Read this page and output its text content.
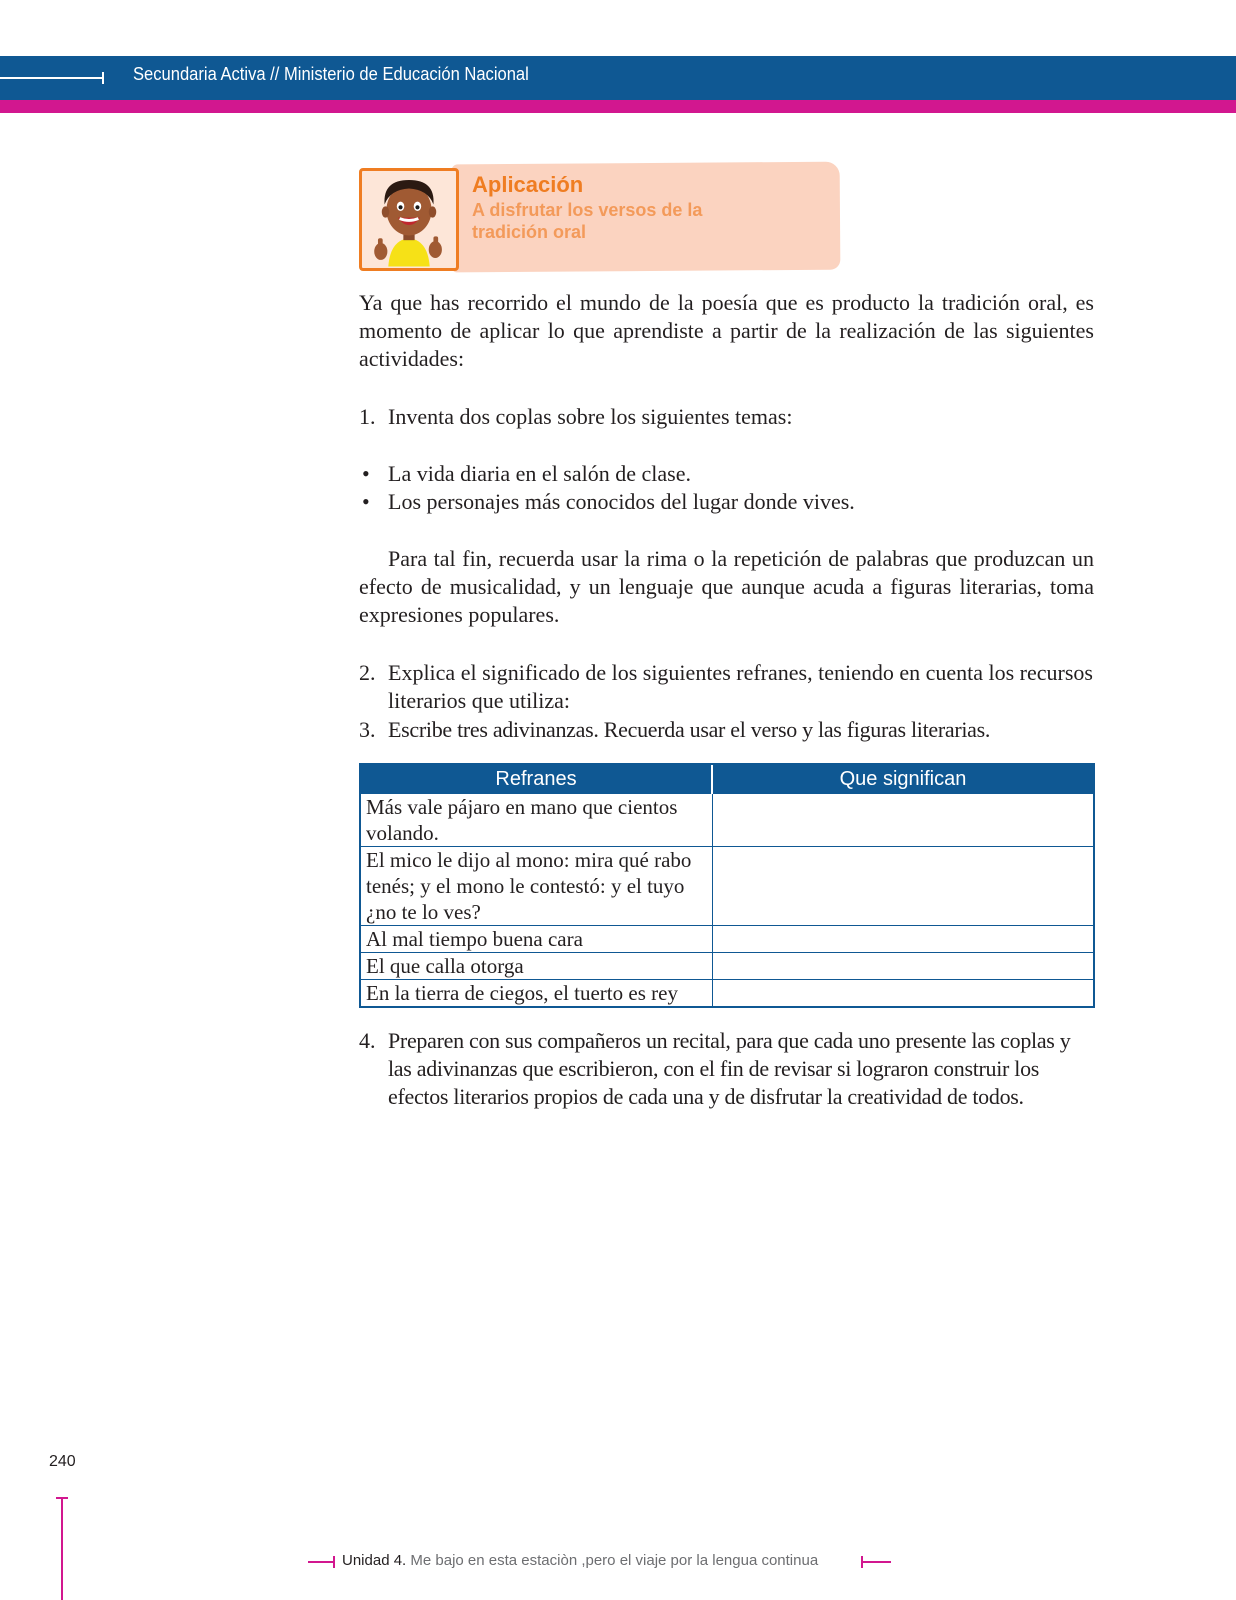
Secundaria Activa // Ministerio de Educación Nacional
Aplicación
A disfrutar los versos de la tradición oral

Ya que has recorrido el mundo de la poesía que es producto la tradición oral, es momento de aplicar lo que aprendiste a partir de la realización de las siguientes actividades:

1. Inventa dos coplas sobre los siguientes temas:

• La vida diaria en el salón de clase.

• Los personajes más conocidos del lugar donde vives.

Para tal fin, recuerda usar la rima o la repetición de palabras que produzcan un efecto de musicalidad, y un lenguaje que aunque acuda a figuras literarias, toma expresiones populares.

2. Explica el significado de los siguientes refranes, teniendo en cuenta los recursos literarios que utiliza:

3. Escribe tres adivinanzas. Recuerda usar el verso y las figuras literarias.

Refranes	Que significan
Más vale pájaro en mano que cientos volando.
El mico le dijo al mono: mira qué rabo tenés; y el mono le contestó: y el tuyo ¿no te lo ves?
Al mal tiempo buena cara
El que calla otorga
En la tierra de ciegos, el tuerto es rey
4. Preparen con sus compañeros un recital, para que cada uno presente las coplas y las adivinanzas que escribieron, con el fin de revisar si lograron construir los efectos literarios propios de cada una y de disfrutar la creatividad de todos.

240
Unidad 4. Me bajo en esta estaciòn ,pero el viaje por la lengua continua
